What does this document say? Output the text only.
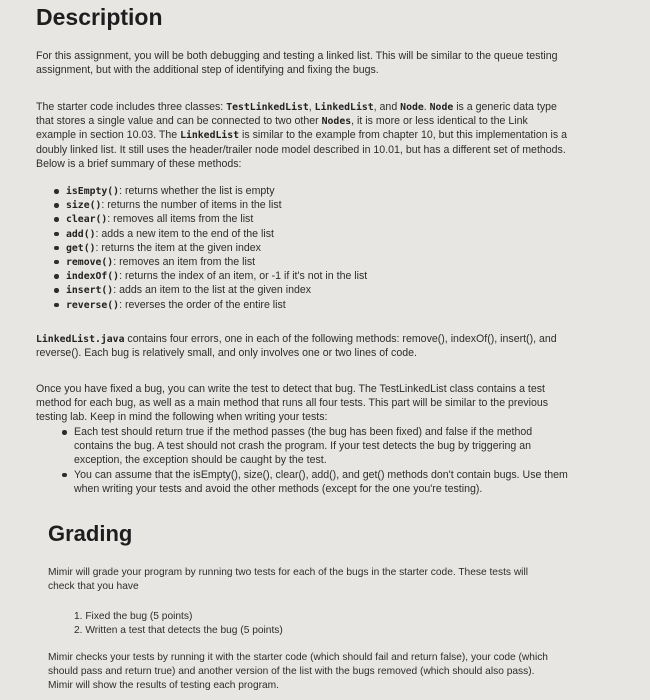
Description
For this assignment, you will be both debugging and testing a linked list. This will be similar to the queue testing
assignment, but with the additional step of identifying and fixing the bugs.
The starter code includes three classes: TestLinkedList, LinkedList, and Node. Node is a generic data type
that stores a single value and can be connected to two other Nodes, it is more or less identical to the Link
example in section 10.03. The LinkedList is similar to the example from chapter 10, but this implementation is a
doubly linked list. It still uses the header/trailer node model described in 10.01, but has a different set of methods.
Below is a brief summary of these methods:
isEmpty(): returns whether the list is empty
size(): returns the number of items in the list
clear(): removes all items from the list
add(): adds a new item to the end of the list
get(): returns the item at the given index
remove(): removes an item from the list
indexOf(): returns the index of an item, or -1 if it's not in the list
insert(): adds an item to the list at the given index
reverse(): reverses the order of the entire list
LinkedList.java contains four errors, one in each of the following methods: remove(), indexOf(), insert(), and
reverse(). Each bug is relatively small, and only involves one or two lines of code.
Once you have fixed a bug, you can write the test to detect that bug. The TestLinkedList class contains a test
method for each bug, as well as a main method that runs all four tests. This part will be similar to the previous
testing lab. Keep in mind the following when writing your tests:
Each test should return true if the method passes (the bug has been fixed) and false if the method
contains the bug. A test should not crash the program. If your test detects the bug by triggering an
exception, the exception should be caught by the test.
You can assume that the isEmpty(), size(), clear(), add(), and get() methods don't contain bugs. Use them
when writing your tests and avoid the other methods (except for the one you're testing).
Grading
Mimir will grade your program by running two tests for each of the bugs in the starter code. These tests will
check that you have
1. Fixed the bug (5 points)
2. Written a test that detects the bug (5 points)
Mimir checks your tests by running it with the starter code (which should fail and return false), your code (which
should pass and return true) and another version of the list with the bugs removed (which should also pass).
Mimir will show the results of testing each program.
